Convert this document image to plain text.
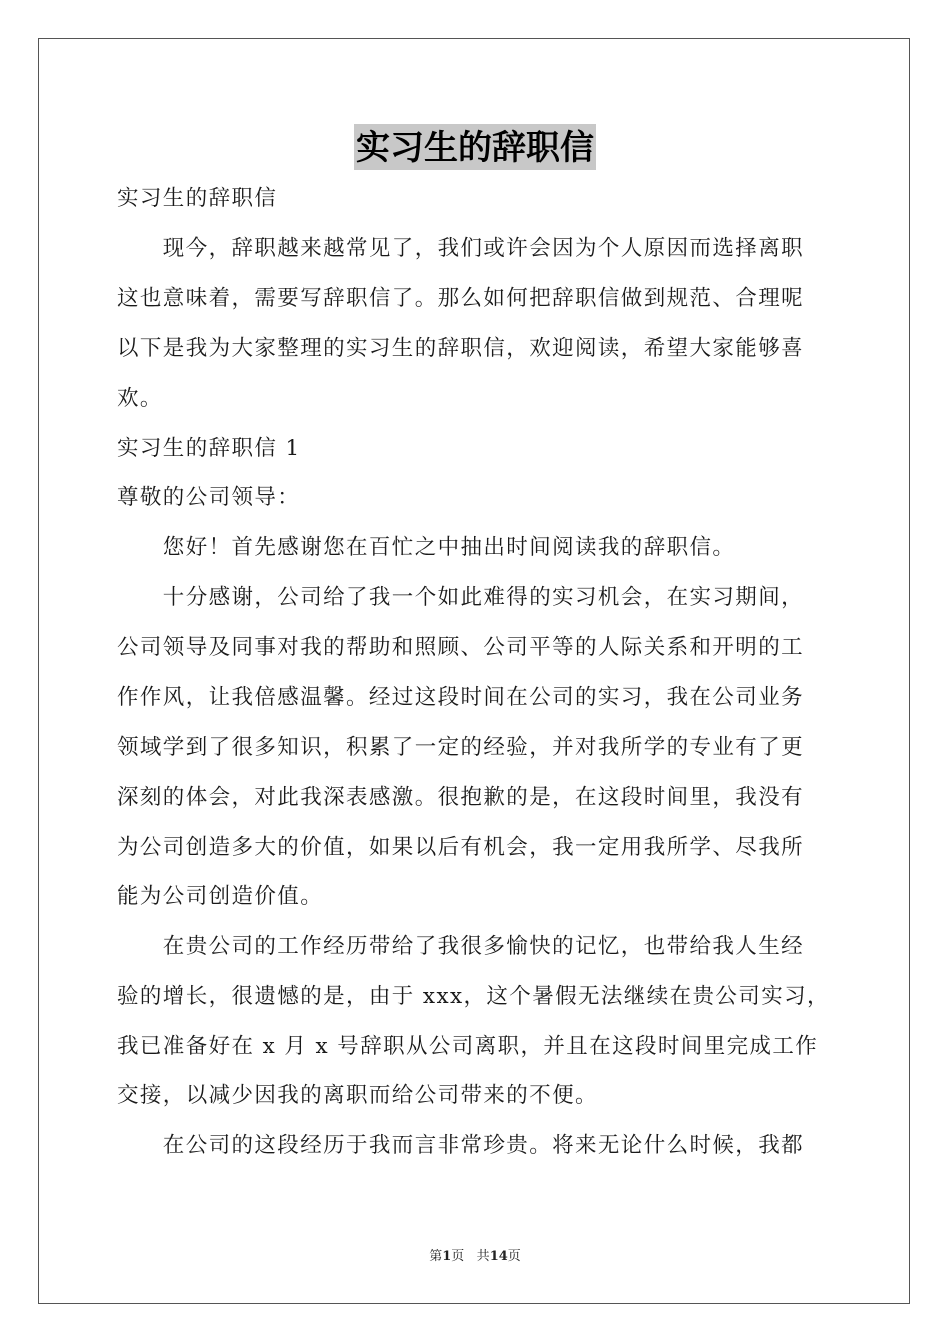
实习生的辞职信
实习生的辞职信
　　现今，辞职越来越常见了，我们或许会因为个人原因而选择离职
这也意味着，需要写辞职信了。那么如何把辞职信做到规范、合理呢
以下是我为大家整理的实习生的辞职信，欢迎阅读，希望大家能够喜
欢。
实习生的辞职信 1
尊敬的公司领导：
　　您好！首先感谢您在百忙之中抽出时间阅读我的辞职信。
　　十分感谢，公司给了我一个如此难得的实习机会，在实习期间，
公司领导及同事对我的帮助和照顾、公司平等的人际关系和开明的工
作作风，让我倍感温馨。经过这段时间在公司的实习，我在公司业务
领域学到了很多知识，积累了一定的经验，并对我所学的专业有了更
深刻的体会，对此我深表感激。很抱歉的是，在这段时间里，我没有
为公司创造多大的价值，如果以后有机会，我一定用我所学、尽我所
能为公司创造价值。
　　在贵公司的工作经历带给了我很多愉快的记忆，也带给我人生经
验的增长，很遗憾的是，由于 xxx，这个暑假无法继续在贵公司实习，
我已准备好在 x 月 x 号辞职从公司离职，并且在这段时间里完成工作
交接，以减少因我的离职而给公司带来的不便。
　　在公司的这段经历于我而言非常珍贵。将来无论什么时候，我都
第1页 共14页
